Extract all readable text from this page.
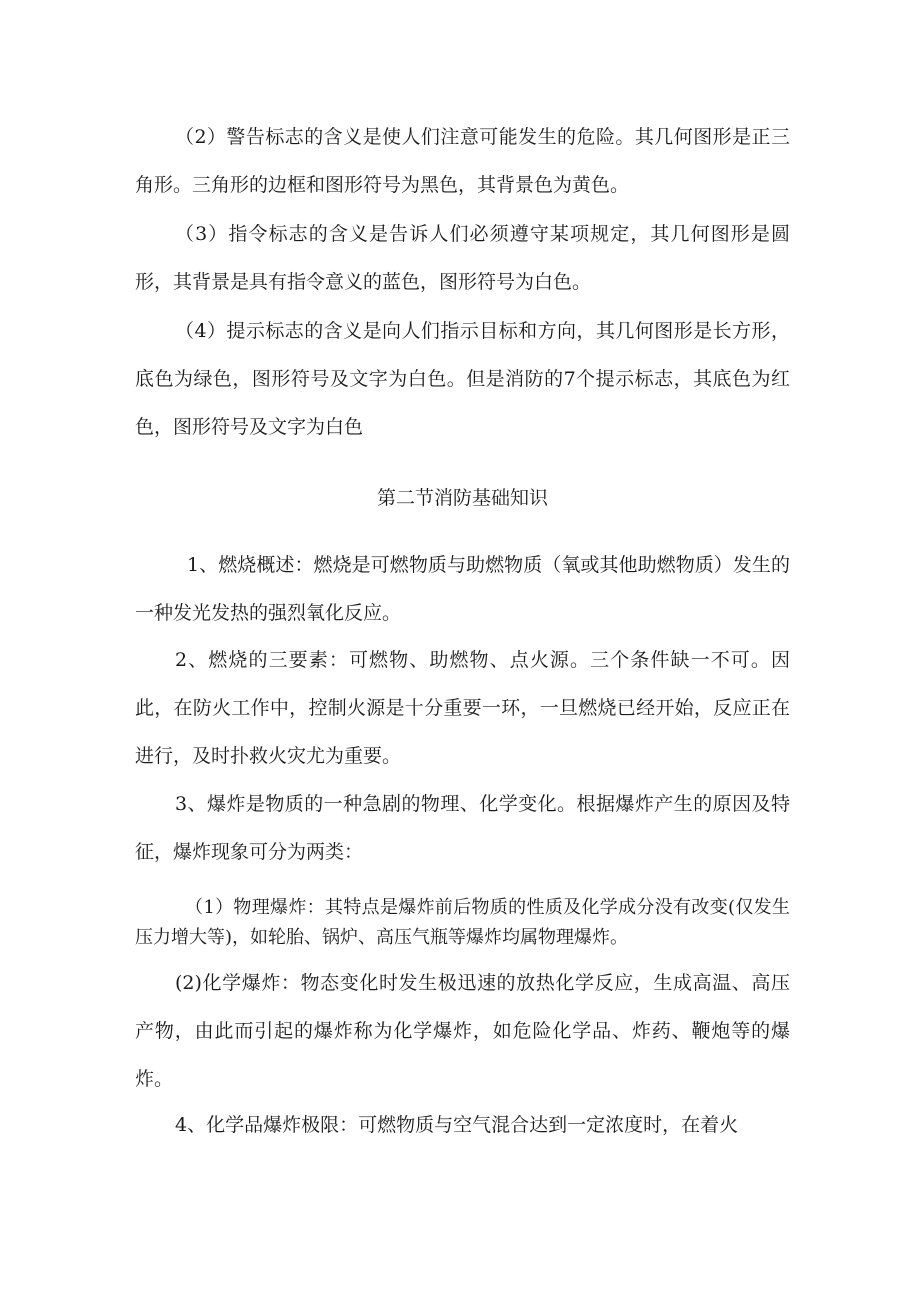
（2）警告标志的含义是使人们注意可能发生的危险。其几何图形是正三角形。三角形的边框和图形符号为黑色，其背景色为黄色。

（3）指令标志的含义是告诉人们必须遵守某项规定，其几何图形是圆形，其背景是具有指令意义的蓝色，图形符号为白色。

（4）提示标志的含义是向人们指示目标和方向，其几何图形是长方形，底色为绿色，图形符号及文字为白色。但是消防的7个提示标志，其底色为红色，图形符号及文字为白色

第二节消防基础知识

1、燃烧概述：燃烧是可燃物质与助燃物质（氧或其他助燃物质）发生的一种发光发热的强烈氧化反应。

2、燃烧的三要素：可燃物、助燃物、点火源。三个条件缺一不可。因此，在防火工作中，控制火源是十分重要一环，一旦燃烧已经开始，反应正在进行，及时扑救火灾尤为重要。

3、爆炸是物质的一种急剧的物理、化学变化。根据爆炸产生的原因及特征，爆炸现象可分为两类：

（1）物理爆炸：其特点是爆炸前后物质的性质及化学成分没有改变(仅发生压力增大等)，如轮胎、锅炉、高压气瓶等爆炸均属物理爆炸。

(2)化学爆炸：物态变化时发生极迅速的放热化学反应，生成高温、高压产物，由此而引起的爆炸称为化学爆炸，如危险化学品、炸药、鞭炮等的爆炸。

4、化学品爆炸极限：可燃物质与空气混合达到一定浓度时，在着火
